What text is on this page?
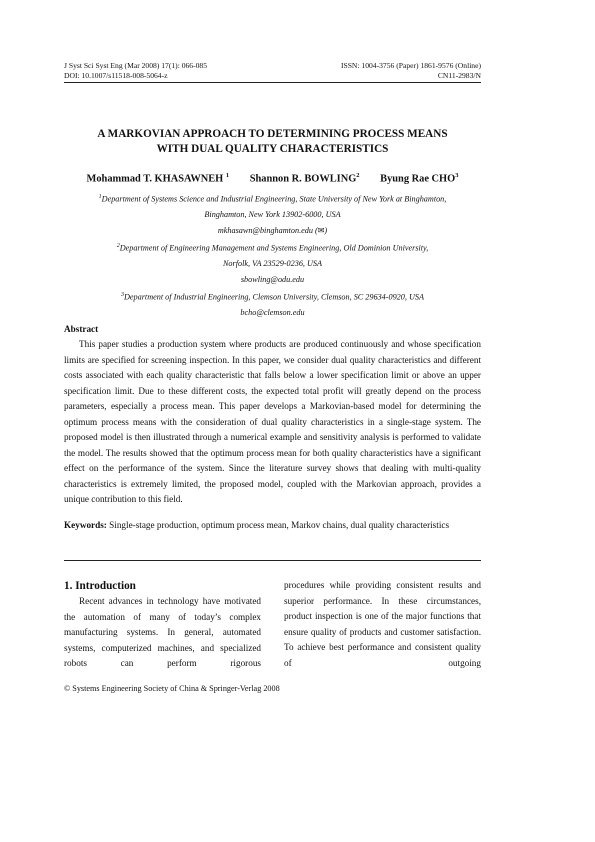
J Syst Sci Syst Eng (Mar 2008) 17(1): 066-085
DOI: 10.1007/s11518-008-5064-z
ISSN: 1004-3756 (Paper) 1861-9576 (Online)
CN11-2983/N
A MARKOVIAN APPROACH TO DETERMINING PROCESS MEANS
WITH DUAL QUALITY CHARACTERISTICS
Mohammad T. KHASAWNEH $^1$ Shannon R. BOWLING$^2$ Byung Rae CHO$^3$
$^1$Department of Systems Science and Industrial Engineering, State University of New York at Binghamton,
Binghamton, New York 13902-6000, USA
mkhasawn@binghamton.edu (✉)
$^2$Department of Engineering Management and Systems Engineering, Old Dominion University,
Norfolk, VA 23529-0236, USA
sbowling@odu.edu
$^3$Department of Industrial Engineering, Clemson University, Clemson, SC 29634-0920, USA
bcho@clemson.edu
Abstract

This paper studies a production system where products are produced continuously and whose specification limits are specified for screening inspection. In this paper, we consider dual quality characteristics and different costs associated with each quality characteristic that falls below a lower specification limit or above an upper specification limit. Due to these different costs, the expected total profit will greatly depend on the process parameters, especially a process mean. This paper develops a Markovian-based model for determining the optimum process means with the consideration of dual quality characteristics in a single-stage system. The proposed model is then illustrated through a numerical example and sensitivity analysis is performed to validate the model. The results showed that the optimum process mean for both quality characteristics have a significant effect on the performance of the system. Since the literature survey shows that dealing with multi-quality characteristics is extremely limited, the proposed model, coupled with the Markovian approach, provides a unique contribution to this field.

Keywords: Single-stage production, optimum process mean, Markov chains, dual quality characteristics

1. Introduction

Recent advances in technology have motivated the automation of many of today’s complex manufacturing systems. In general, automated systems, computerized machines, and specialized robots can perform rigorous

procedures while providing consistent results and superior performance. In these circumstances, product inspection is one of the major functions that ensure quality of products and customer satisfaction. To achieve best performance and consistent quality of outgoing

© Systems Engineering Society of China & Springer-Verlag 2008
